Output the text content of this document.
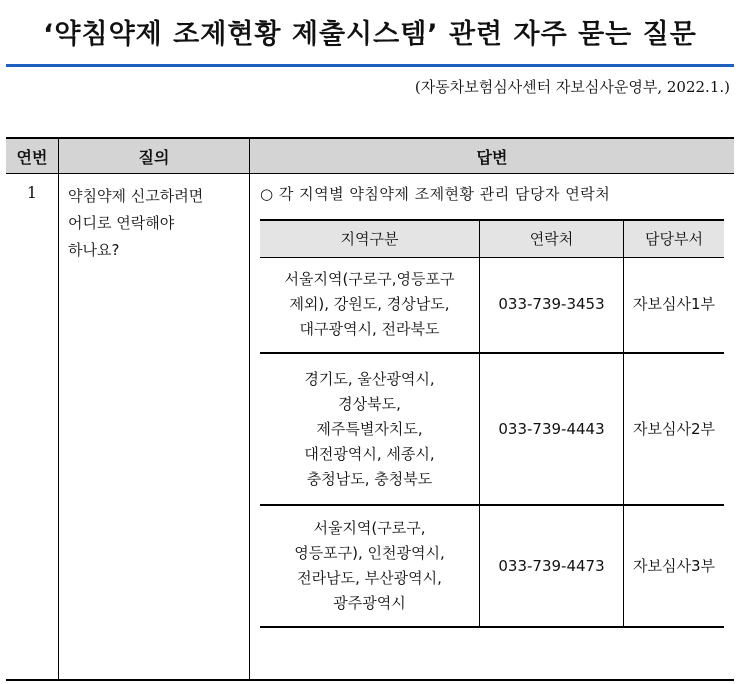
‘약침약제 조제현황 제출시스템’ 관련 자주 묻는 질문
(자동차보험심사센터 자보심사운영부, 2022.1.)
연번	질의	답변
1	약침약제 신고하려면
어디로 연락해야
하나요?
○ 각 지역별 약침약제 조제현황 관리 담당자 연락처
지역구분	연락처	담당부서
서울지역(구로구,영등포구
제외), 강원도, 경상남도,
대구광역시, 전라북도
033-739-3453	자보심사1부
경기도, 울산광역시,
경상북도,
제주특별자치도,
대전광역시, 세종시,
충청남도, 충청북도
033-739-4443	자보심사2부
서울지역(구로구,
영등포구), 인천광역시,
전라남도, 부산광역시,
광주광역시
033-739-4473	자보심사3부
